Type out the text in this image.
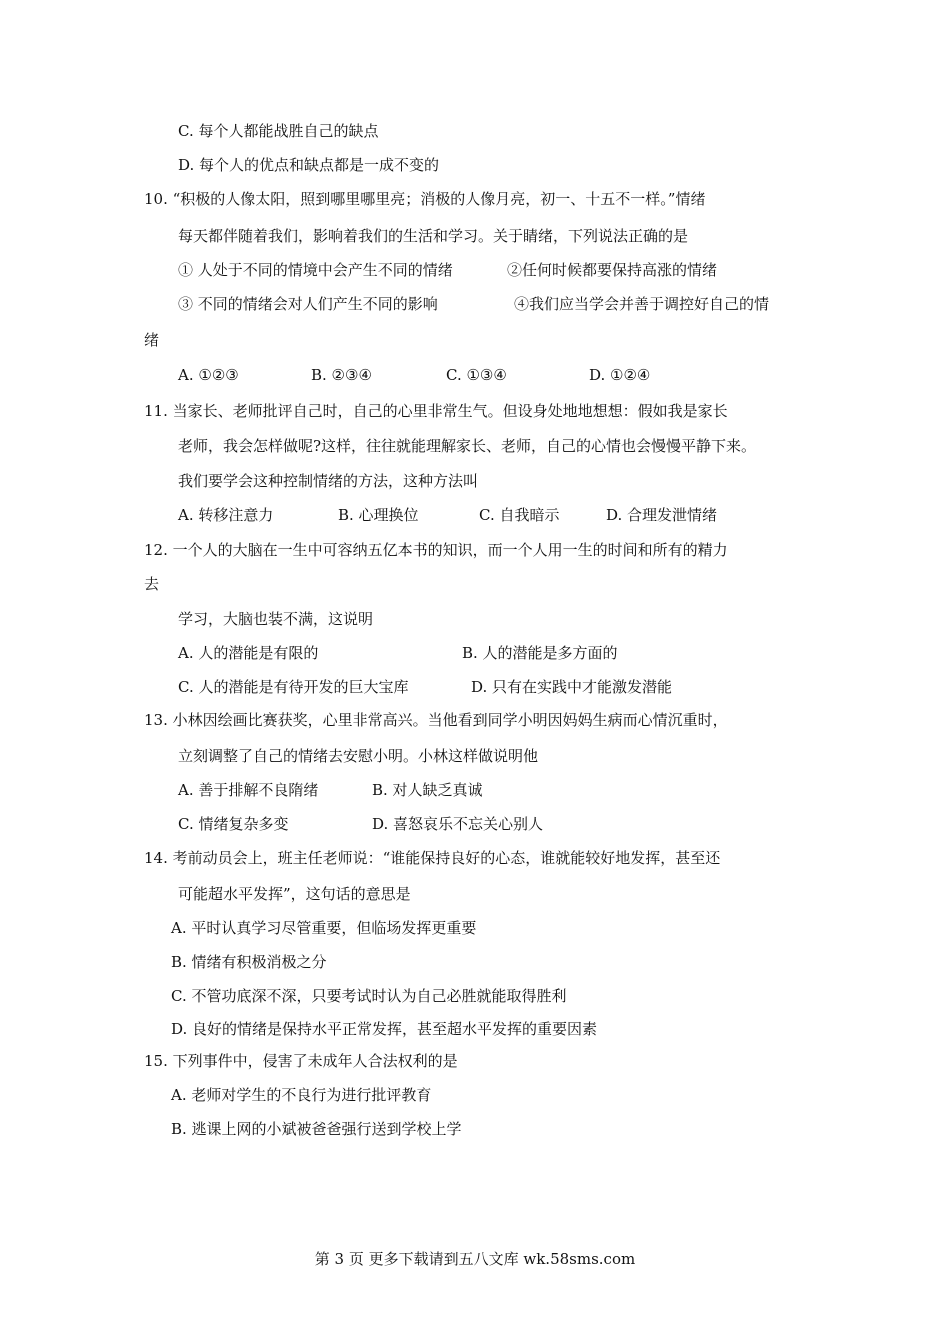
C. 每个人都能战胜自己的缺点
D. 每个人的优点和缺点都是一成不变的
10. “积极的人像太阳，照到哪里哪里亮；消极的人像月亮，初一、十五不一样。”情绪
每天都伴随着我们，影响着我们的生活和学习。关于睛绪，下列说法正确的是
① 人处于不同的情境中会产生不同的情绪	②任何时候都要保持高涨的情绪
③ 不同的情绪会对人们产生不同的影响	④我们应当学会并善于调控好自己的情
绪
A. ①②③	B. ②③④	C. ①③④	D. ①②④
11. 当家长、老师批评自己时，自己的心里非常生气。但设身处地地想想：假如我是家长
老师，我会怎样做呢?这样，往往就能理解家长、老师，自己的心情也会慢慢平静下来。
我们要学会这种控制情绪的方法，这种方法叫
A. 转移注意力	B. 心理换位	C. 自我暗示	D. 合理发泄情绪
12. 一个人的大脑在一生中可容纳五亿本书的知识，而一个人用一生的时间和所有的精力
去
学习，大脑也装不满，这说明
A. 人的潜能是有限的	B. 人的潜能是多方面的
C. 人的潜能是有待开发的巨大宝库	D. 只有在实践中才能激发潜能
13. 小林因绘画比赛获奖，心里非常高兴。当他看到同学小明因妈妈生病而心情沉重时，
立刻调整了自己的情绪去安慰小明。小林这样做说明他
A. 善于排解不良隋绪	B. 对人缺乏真诚
C. 情绪复杂多变	D. 喜怒哀乐不忘关心别人
14. 考前动员会上，班主任老师说：“谁能保持良好的心态，谁就能较好地发挥，甚至还
可能超水平发挥”，这句话的意思是
A. 平时认真学习尽管重要，但临场发挥更重要
B. 情绪有积极消极之分
C. 不管功底深不深，只要考试时认为自己必胜就能取得胜利
D. 良好的情绪是保持水平正常发挥，甚至超水平发挥的重要因素
15. 下列事件中，侵害了未成年人合法权利的是
A. 老师对学生的不良行为进行批评教育
B. 逃课上网的小斌被爸爸强行送到学校上学
第 3 页 更多下载请到五八文库 wk.58sms.com
